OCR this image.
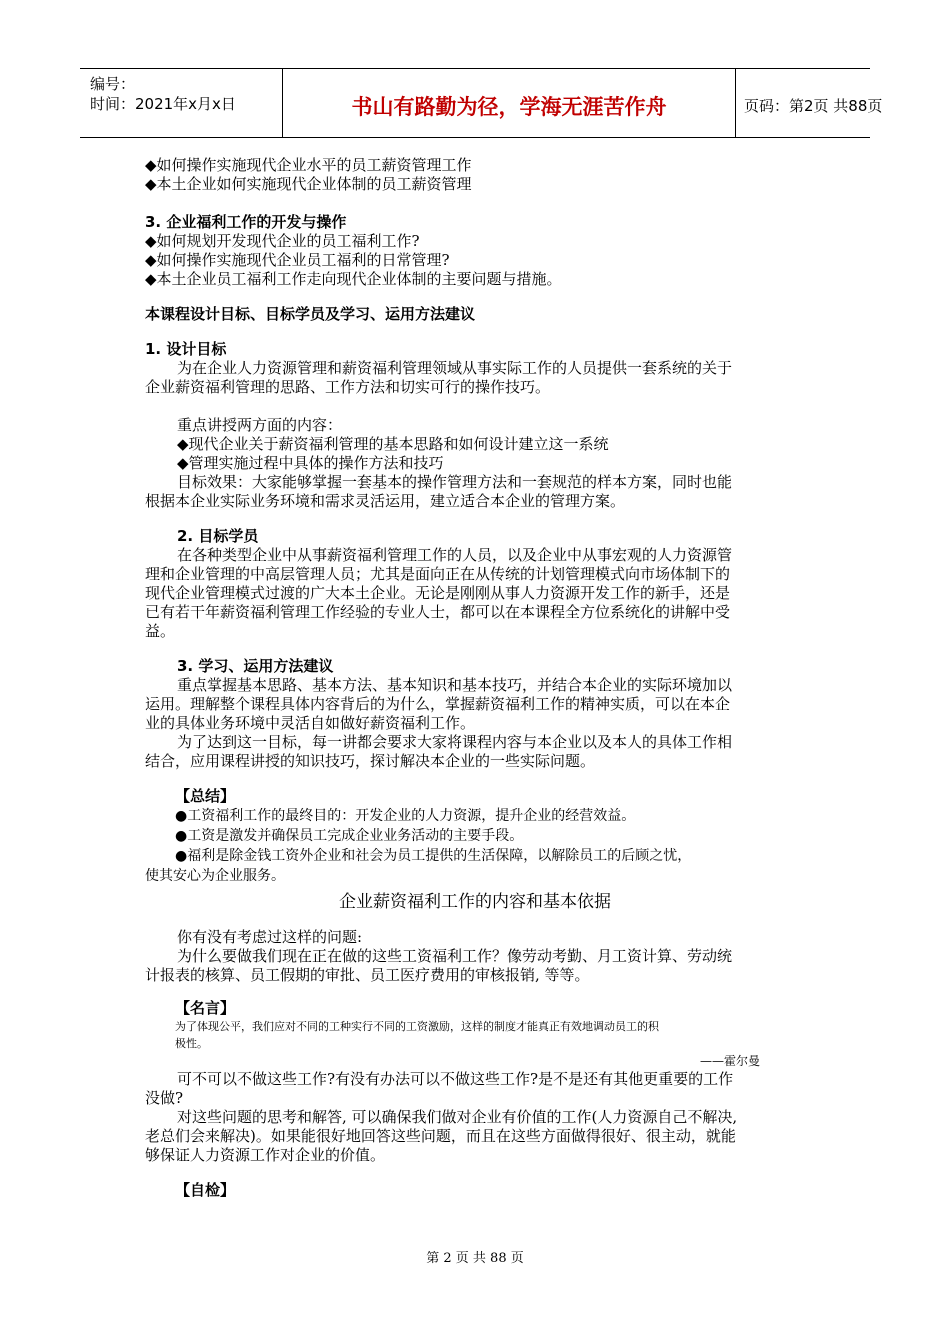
编号：
时间：2021年x月x日	书山有路勤为径，学海无涯苦作舟	页码：第2页 共88页
◆如何操作实施现代企业水平的员工薪资管理工作
◆本土企业如何实施现代企业体制的员工薪资管理
3. 企业福利工作的开发与操作
◆如何规划开发现代企业的员工福利工作?
◆如何操作实施现代企业员工福利的日常管理?
◆本土企业员工福利工作走向现代企业体制的主要问题与措施。
本课程设计目标、目标学员及学习、运用方法建议
1. 设计目标
为在企业人力资源管理和薪资福利管理领域从事实际工作的人员提供一套系统的关于
企业薪资福利管理的思路、工作方法和切实可行的操作技巧。
重点讲授两方面的内容：
◆现代企业关于薪资福利管理的基本思路和如何设计建立这一系统
◆管理实施过程中具体的操作方法和技巧
目标效果：大家能够掌握一套基本的操作管理方法和一套规范的样本方案，同时也能
根据本企业实际业务环境和需求灵活运用，建立适合本企业的管理方案。
2. 目标学员
在各种类型企业中从事薪资福利管理工作的人员，以及企业中从事宏观的人力资源管
理和企业管理的中高层管理人员；尤其是面向正在从传统的计划管理模式向市场体制下的
现代企业管理模式过渡的广大本土企业。无论是刚刚从事人力资源开发工作的新手，还是
已有若干年薪资福利管理工作经验的专业人士，都可以在本课程全方位系统化的讲解中受
益。
3. 学习、运用方法建议
重点掌握基本思路、基本方法、基本知识和基本技巧，并结合本企业的实际环境加以
运用。理解整个课程具体内容背后的为什么，掌握薪资福利工作的精神实质，可以在本企
业的具体业务环境中灵活自如做好薪资福利工作。
为了达到这一目标，每一讲都会要求大家将课程内容与本企业以及本人的具体工作相
结合，应用课程讲授的知识技巧，探讨解决本企业的一些实际问题。
【总结】
●工资福利工作的最终目的：开发企业的人力资源，提升企业的经营效益。
●工资是激发并确保员工完成企业业务活动的主要手段。
●福利是除金钱工资外企业和社会为员工提供的生活保障，以解除员工的后顾之忧，
使其安心为企业服务。
企业薪资福利工作的内容和基本依据
你有没有考虑过这样的问题:
为什么要做我们现在正在做的这些工资福利工作？像劳动考勤、月工资计算、劳动统
计报表的核算、员工假期的审批、员工医疗费用的审核报销, 等等。
【名言】
为了体现公平，我们应对不同的工种实行不同的工资激励，这样的制度才能真正有效地调动员工的积
极性。
——霍尔曼
可不可以不做这些工作?有没有办法可以不做这些工作?是不是还有其他更重要的工作
没做?
对这些问题的思考和解答, 可以确保我们做对企业有价值的工作(人力资源自己不解决,
老总们会来解决)。如果能很好地回答这些问题，而且在这些方面做得很好、很主动，就能
够保证人力资源工作对企业的价值。
【自检】
第 2 页 共 88 页
